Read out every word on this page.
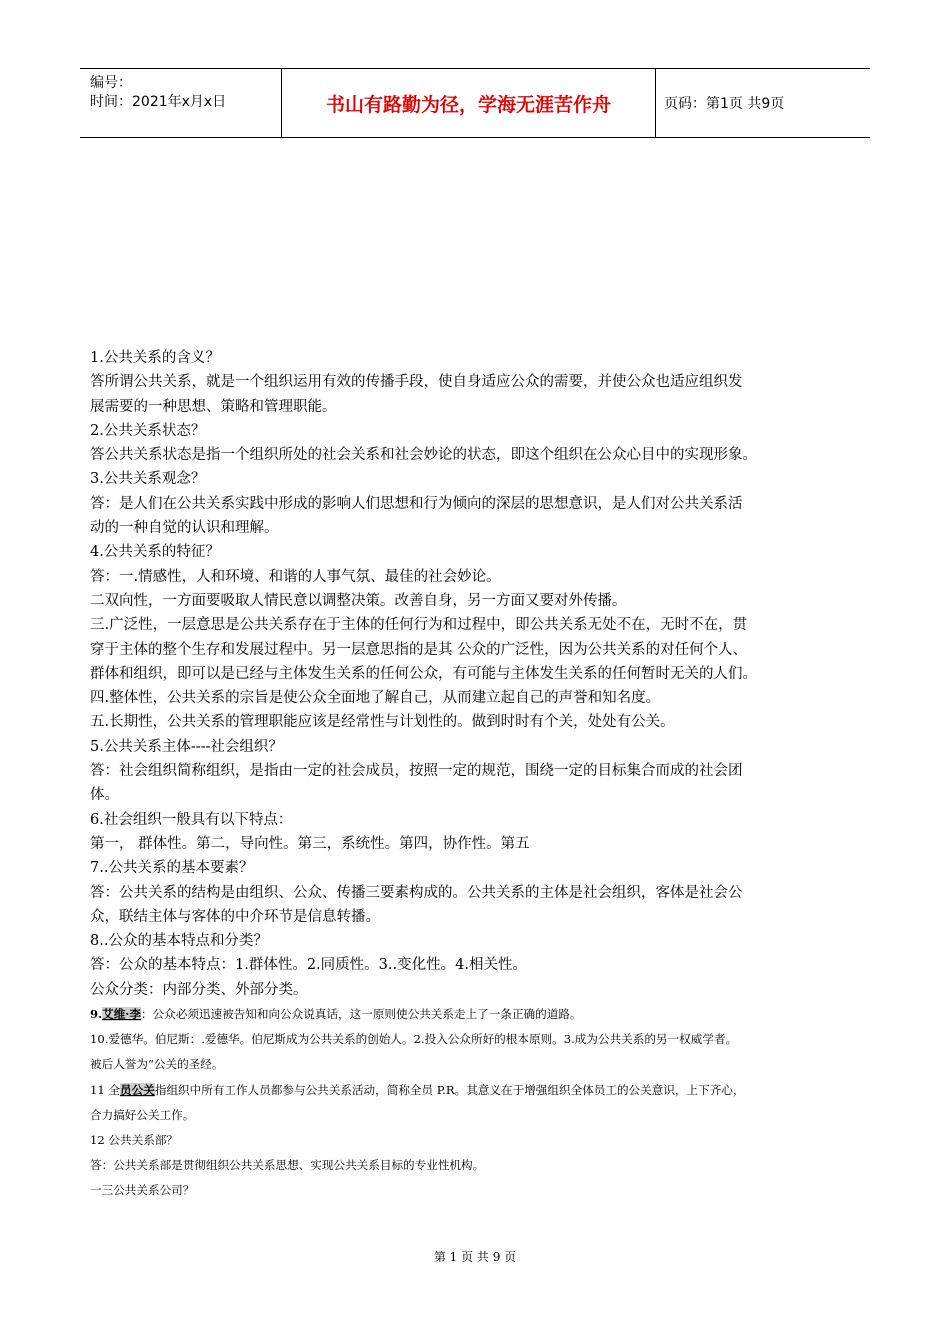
编号：
时间：2021年x月x日	书山有路勤为径，学海无涯苦作舟	页码：第1页 共9页
1.公共关系的含义？
答所谓公共关系，就是一个组织运用有效的传播手段，使自身适应公众的需要，并使公众也适应组织发
展需要的一种思想、策略和管理职能。
2.公共关系状态？
答公共关系状态是指一个组织所处的社会关系和社会妙论的状态，即这个组织在公众心目中的实现形象。
3.公共关系观念？
答：是人们在公共关系实践中形成的影响人们思想和行为倾向的深层的思想意识，是人们对公共关系活
动的一种自觉的认识和理解。
4.公共关系的特征？
答：一.情感性，人和环境、和谐的人事气氛、最佳的社会妙论。
二双向性，一方面要吸取人情民意以调整决策。改善自身，另一方面又要对外传播。
三.广泛性，一层意思是公共关系存在于主体的任何行为和过程中，即公共关系无处不在，无时不在，贯
穿于主体的整个生存和发展过程中。另一层意思指的是其 公众的广泛性，因为公共关系的对任何个人、
群体和组织，即可以是已经与主体发生关系的任何公众，有可能与主体发生关系的任何暂时无关的人们。
四.整体性，公共关系的宗旨是使公众全面地了解自己，从而建立起自己的声誉和知名度。
五.长期性，公共关系的管理职能应该是经常性与计划性的。做到时时有个关，处处有公关。
5.公共关系主体----社会组织？
答：社会组织简称组织，是指由一定的社会成员，按照一定的规范，围绕一定的目标集合而成的社会团
体。
6.社会组织一般具有以下特点：
第一， 群体性。第二，导向性。第三，系统性。第四，协作性。第五
7..公共关系的基本要素？
答：公共关系的结构是由组织、公众、传播三要素构成的。公共关系的主体是社会组织，客体是社会公
众，联结主体与客体的中介环节是信息转播。
8..公众的基本特点和分类？
答：公众的基本特点：1.群体性。2.同质性。3..变化性。4.相关性。
公众分类：内部分类、外部分类。
9.艾维·李：公众必须迅速被告知和向公众说真话，这一原则使公共关系走上了一条正确的道路。
10.爱德华。伯尼斯：.爱德华。伯尼斯成为公共关系的创始人。2.投入公众所好的根本原则。3.成为公共关系的另一权威学者。
被后人誉为“公关的圣经。
11 全员公关指组织中所有工作人员都参与公共关系活动，简称全员 P.R。其意义在于增强组织全体员工的公关意识，上下齐心，
合力搞好公关工作。
12 公共关系部？
答：公共关系部是贯彻组织公共关系思想、实现公共关系目标的专业性机构。
一三公共关系公司？
第 1 页 共 9 页
